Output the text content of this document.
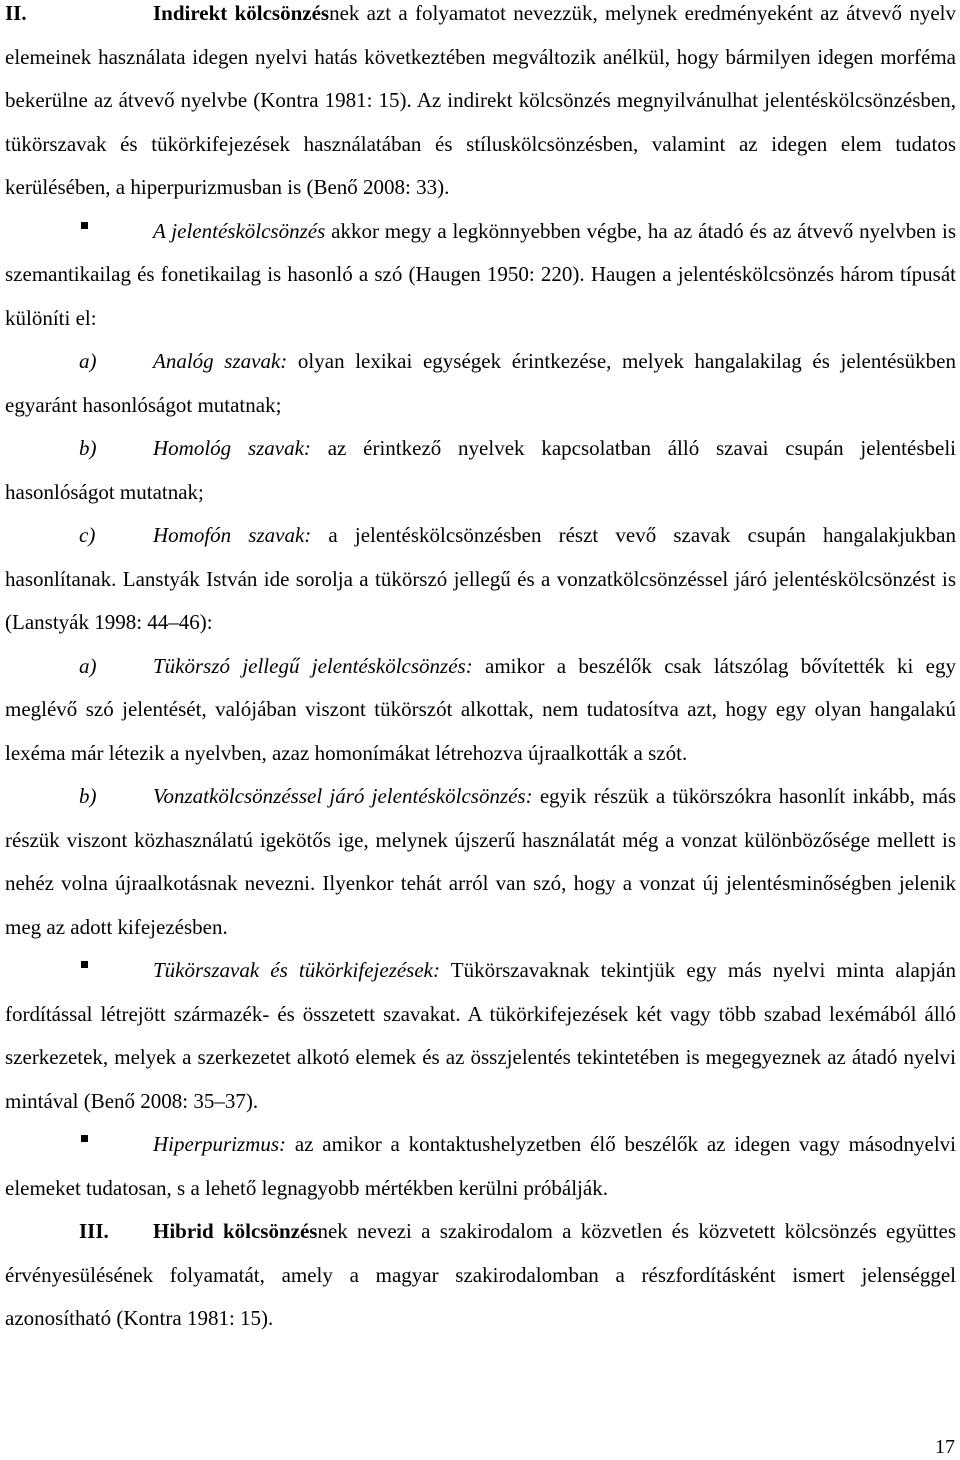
II.	Indirekt kölcsönzésnek azt a folyamatot nevezzük, melynek eredményeként az átvevő nyelv elemeinek használata idegen nyelvi hatás következtében megváltozik anélkül, hogy bármilyen idegen morféma bekerülne az átvevő nyelvbe (Kontra 1981: 15). Az indirekt kölcsönzés megnyilvánulhat jelentéskölcsönzésben, tükörszavak és tükörkifejezések használatában és stíluskölcsönzésben, valamint az idegen elem tudatos kerülésében, a hiperpurizmusban is (Benő 2008: 33).

A jelentéskölcsönzés akkor megy a legkönnyebben végbe, ha az átadó és az átvevő nyelvben is szemantikailag és fonetikailag is hasonló a szó (Haugen 1950: 220). Haugen a jelentéskölcsönzés három típusát különíti el:

a)	Analóg szavak: olyan lexikai egységek érintkezése, melyek hangalakilag és jelentésükben egyaránt hasonlóságot mutatnak;

b)	Homológ szavak: az érintkező nyelvek kapcsolatban álló szavai csupán jelentésbeli hasonlóságot mutatnak;

c)	Homofón szavak: a jelentéskölcsönzésben részt vevő szavak csupán hangalakjukban hasonlítanak. Lanstyák István ide sorolja a tükörszó jellegű és a vonzatkölcsönzéssel járó jelentéskölcsönzést is (Lanstyák 1998: 44–46):

a)	Tükörszó jellegű jelentéskölcsönzés: amikor a beszélők csak látszólag bővítették ki egy meglévő szó jelentését, valójában viszont tükörszót alkottak, nem tudatosítva azt, hogy egy olyan hangalakú lexéma már létezik a nyelvben, azaz homonímákat létrehozva újraalkották a szót.

b)	Vonzatkölcsönzéssel járó jelentéskölcsönzés: egyik részük a tükörszókra hasonlít inkább, más részük viszont közhasználatú igekötős ige, melynek újszerű használatát még a vonzat különbözősége mellett is nehéz volna újraalkotásnak nevezni. Ilyenkor tehát arról van szó, hogy a vonzat új jelentésminőségben jelenik meg az adott kifejezésben.

Tükörszavak és tükörkifejezések: Tükörszavaknak tekintjük egy más nyelvi minta alapján fordítással létrejött származék- és összetett szavakat. A tükörkifejezések két vagy több szabad lexémából álló szerkezetek, melyek a szerkezetet alkotó elemek és az összjelentés tekintetében is megegyeznek az átadó nyelvi mintával (Benő 2008: 35–37).

Hiperpurizmus: az amikor a kontaktushelyzetben élő beszélők az idegen vagy másodnyelvi elemeket tudatosan, s a lehető legnagyobb mértékben kerülni próbálják.

III. Hibrid kölcsönzésnek nevezi a szakirodalom a közvetlen és közvetett kölcsönzés együttes érvényesülésének folyamatát, amely a magyar szakirodalomban a részfordításként ismert jelenséggel azonosítható (Kontra 1981: 15).

17
